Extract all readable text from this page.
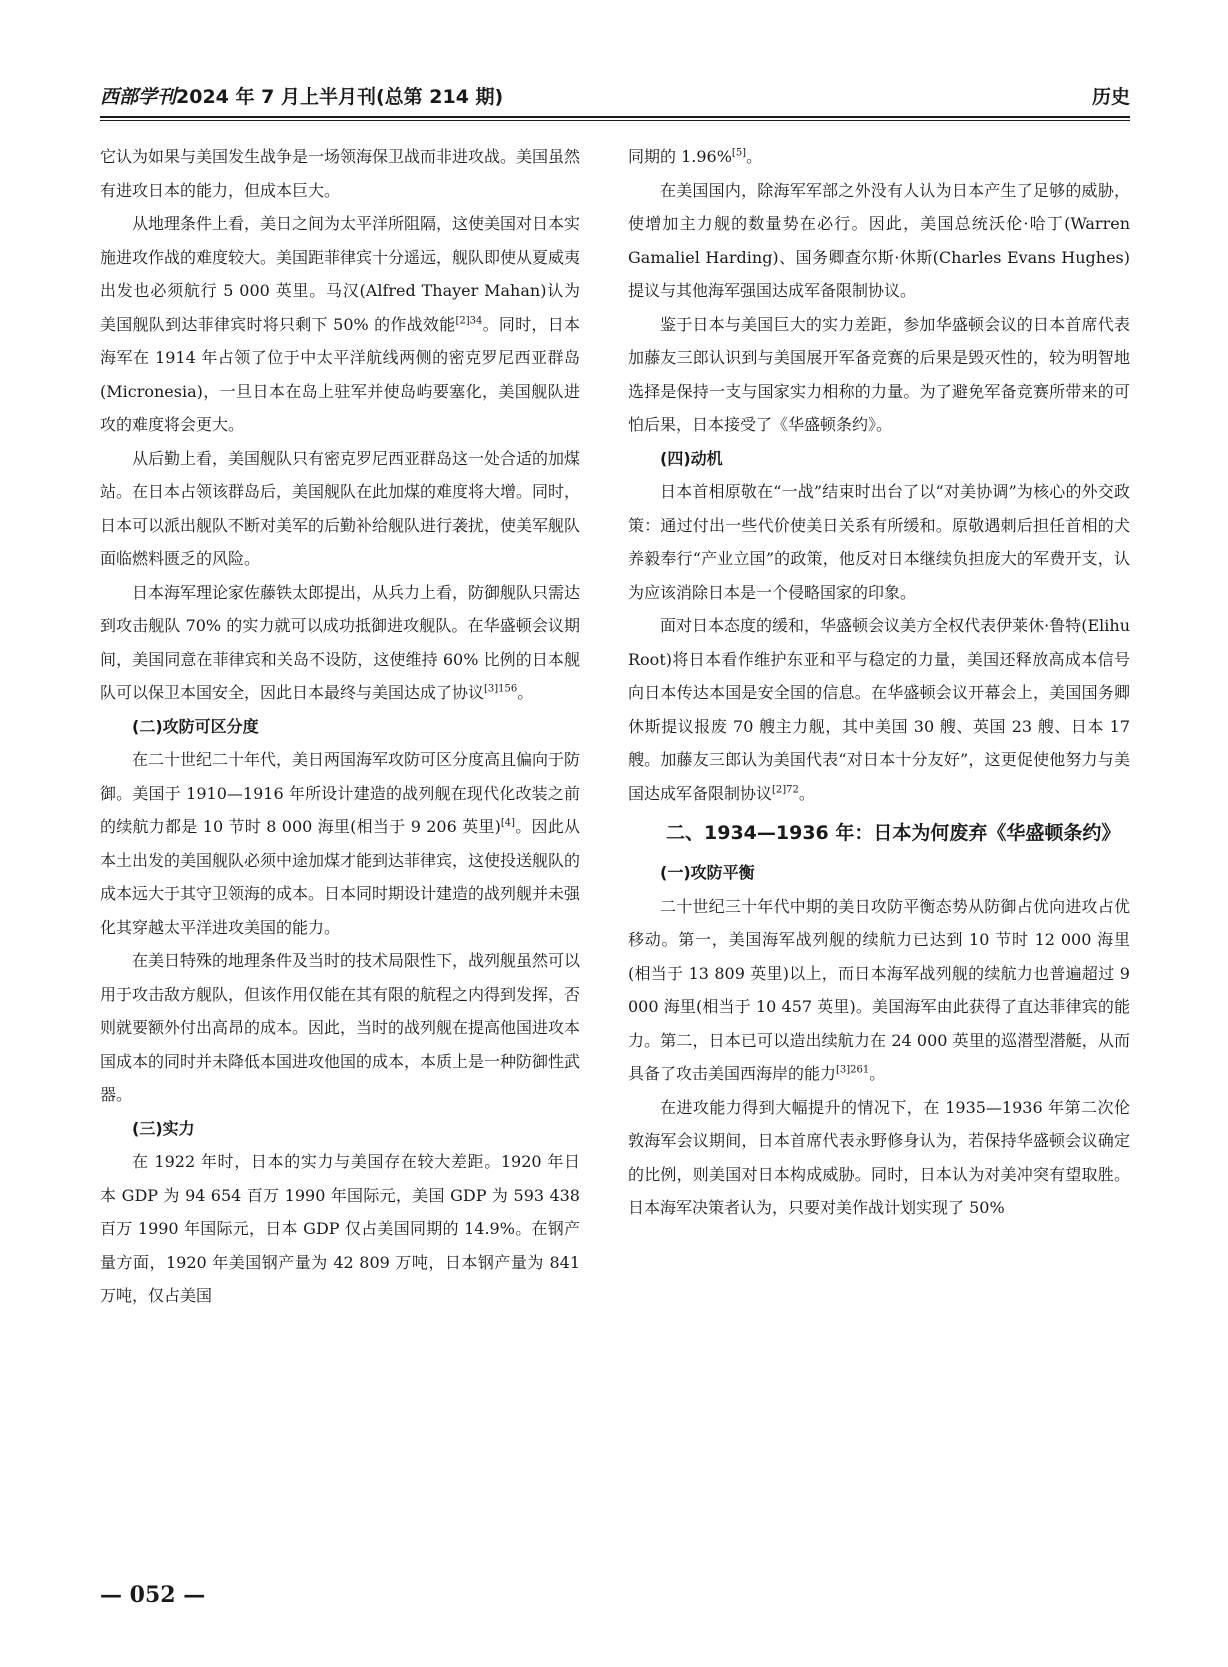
西部学刊2024 年 7 月上半月刊(总第 214 期)	历史

它认为如果与美国发生战争是一场领海保卫战而非进攻战。美国虽然有进攻日本的能力，但成本巨大。

从地理条件上看，美日之间为太平洋所阻隔，这使美国对日本实施进攻作战的难度较大。美国距菲律宾十分遥远，舰队即使从夏威夷出发也必须航行 5 000 英里。马汉(Alfred Thayer Mahan)认为美国舰队到达菲律宾时将只剩下 50% 的作战效能$^{[2]34}$。同时，日本海军在 1914 年占领了位于中太平洋航线两侧的密克罗尼西亚群岛(Micronesia)，一旦日本在岛上驻军并使岛屿要塞化，美国舰队进攻的难度将会更大。

从后勤上看，美国舰队只有密克罗尼西亚群岛这一处合适的加煤站。在日本占领该群岛后，美国舰队在此加煤的难度将大增。同时，日本可以派出舰队不断对美军的后勤补给舰队进行袭扰，使美军舰队面临燃料匮乏的风险。

日本海军理论家佐藤铁太郎提出，从兵力上看，防御舰队只需达到攻击舰队 70% 的实力就可以成功抵御进攻舰队。在华盛顿会议期间，美国同意在菲律宾和关岛不设防，这使维持 60% 比例的日本舰队可以保卫本国安全，因此日本最终与美国达成了协议$^{[3]156}$。

(二)攻防可区分度

在二十世纪二十年代，美日两国海军攻防可区分度高且偏向于防御。美国于 1910—1916 年所设计建造的战列舰在现代化改装之前的续航力都是 10 节时 8 000 海里(相当于 9 206 英里)[4]。因此从本土出发的美国舰队必须中途加煤才能到达菲律宾，这使投送舰队的成本远大于其守卫领海的成本。日本同时期设计建造的战列舰并未强化其穿越太平洋进攻美国的能力。

在美日特殊的地理条件及当时的技术局限性下，战列舰虽然可以用于攻击敌方舰队，但该作用仅能在其有限的航程之内得到发挥，否则就要额外付出高昂的成本。因此，当时的战列舰在提高他国进攻本国成本的同时并未降低本国进攻他国的成本，本质上是一种防御性武器。

(三)实力

在 1922 年时，日本的实力与美国存在较大差距。1920 年日本 GDP 为 94 654 百万 1990 年国际元，美国 GDP 为 593 438 百万 1990 年国际元，日本 GDP 仅占美国同期的 14.9%。在钢产量方面，1920 年美国钢产量为 42 809 万吨，日本钢产量为 841 万吨，仅占美国

同期的 1.96%[5]。

在美国国内，除海军军部之外没有人认为日本产生了足够的威胁，使增加主力舰的数量势在必行。因此，美国总统沃伦·哈丁(Warren Gamaliel Harding)、国务卿查尔斯·休斯(Charles Evans Hughes)提议与其他海军强国达成军备限制协议。

鉴于日本与美国巨大的实力差距，参加华盛顿会议的日本首席代表加藤友三郎认识到与美国展开军备竞赛的后果是毁灭性的，较为明智地选择是保持一支与国家实力相称的力量。为了避免军备竞赛所带来的可怕后果，日本接受了《华盛顿条约》。

(四)动机

日本首相原敬在“一战”结束时出台了以“对美协调”为核心的外交政策：通过付出一些代价使美日关系有所缓和。原敬遇刺后担任首相的犬养毅奉行“产业立国”的政策，他反对日本继续负担庞大的军费开支，认为应该消除日本是一个侵略国家的印象。

面对日本态度的缓和，华盛顿会议美方全权代表伊莱休·鲁特(Elihu Root)将日本看作维护东亚和平与稳定的力量，美国还释放高成本信号向日本传达本国是安全国的信息。在华盛顿会议开幕会上，美国国务卿休斯提议报废 70 艘主力舰，其中美国 30 艘、英国 23 艘、日本 17 艘。加藤友三郎认为美国代表“对日本十分友好”，这更促使他努力与美国达成军备限制协议$^{[2]72}$。

二、1934—1936 年：日本为何废弃《华盛顿条约》
(一)攻防平衡

二十世纪三十年代中期的美日攻防平衡态势从防御占优向进攻占优移动。第一，美国海军战列舰的续航力已达到 10 节时 12 000 海里(相当于 13 809 英里)以上，而日本海军战列舰的续航力也普遍超过 9 000 海里(相当于 10 457 英里)。美国海军由此获得了直达菲律宾的能力。第二，日本已可以造出续航力在 24 000 英里的巡潜型潜艇，从而具备了攻击美国西海岸的能力$^{[3]261}$。

在进攻能力得到大幅提升的情况下，在 1935—1936 年第二次伦敦海军会议期间，日本首席代表永野修身认为，若保持华盛顿会议确定的比例，则美国对日本构成威胁。同时，日本认为对美冲突有望取胜。日本海军决策者认为，只要对美作战计划实现了 50%

— 052 —
